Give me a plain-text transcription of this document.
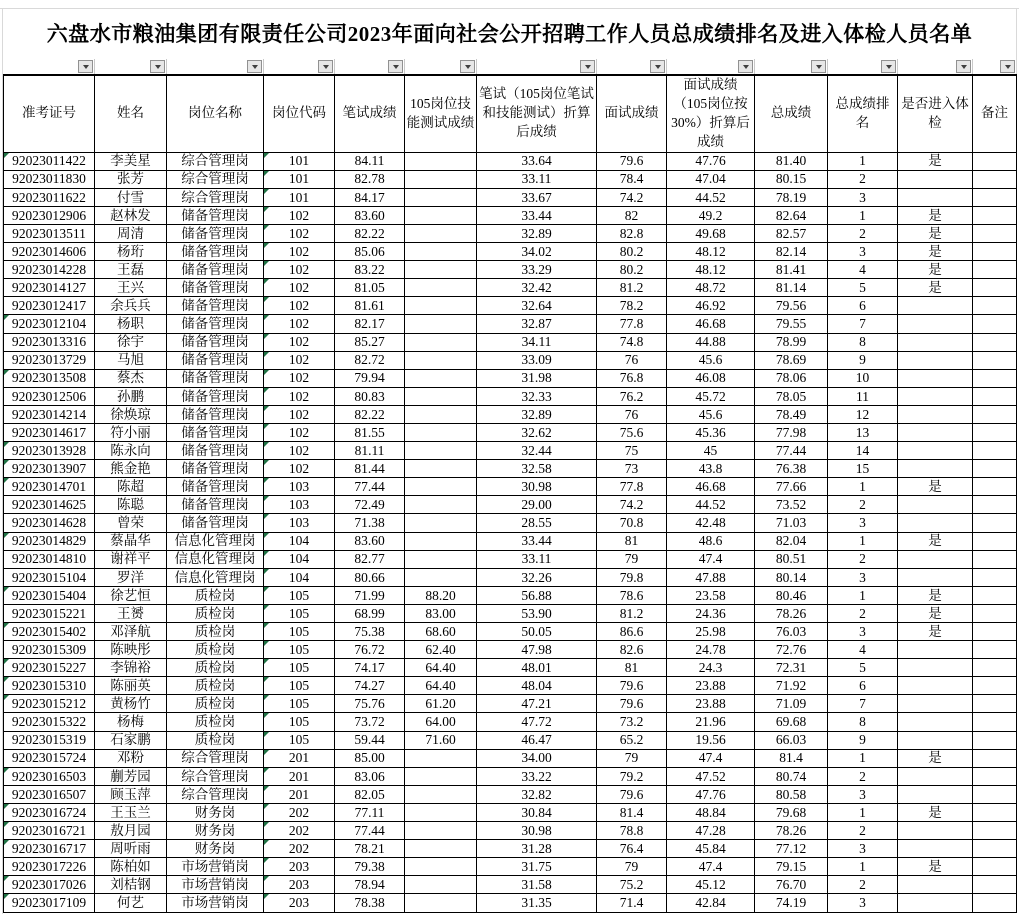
六盘水市粮油集团有限责任公司2023年面向社会公开招聘工作人员总成绩排名及进入体检人员名单
准考证号	姓名	岗位名称	岗位代码	笔试成绩	105岗位技能测试成绩	笔试（105岗位笔试和技能测试）折算后成绩	面试成绩	面试成绩（105岗位按30%）折算后成绩	总成绩	总成绩排名	是否进入体检	备注
92023011422	李美星	综合管理岗	101	84.11		33.64	79.6	47.76	81.40	1	是	
92023011830	张芳	综合管理岗	101	82.78		33.11	78.4	47.04	80.15	2		
92023011622	付雪	综合管理岗	101	84.17		33.67	74.2	44.52	78.19	3		
92023012906	赵林发	储备管理岗	102	83.60		33.44	82	49.2	82.64	1	是	
92023013511	周清	储备管理岗	102	82.22		32.89	82.8	49.68	82.57	2	是	
92023014606	杨珩	储备管理岗	102	85.06		34.02	80.2	48.12	82.14	3	是	
92023014228	王磊	储备管理岗	102	83.22		33.29	80.2	48.12	81.41	4	是	
92023014127	王兴	储备管理岗	102	81.05		32.42	81.2	48.72	81.14	5	是	
92023012417	余兵兵	储备管理岗	102	81.61		32.64	78.2	46.92	79.56	6		
92023012104	杨职	储备管理岗	102	82.17		32.87	77.8	46.68	79.55	7		
92023013316	徐宇	储备管理岗	102	85.27		34.11	74.8	44.88	78.99	8		
92023013729	马旭	储备管理岗	102	82.72		33.09	76	45.6	78.69	9		
92023013508	蔡杰	储备管理岗	102	79.94		31.98	76.8	46.08	78.06	10		
92023012506	孙鹏	储备管理岗	102	80.83		32.33	76.2	45.72	78.05	11		
92023014214	徐焕琼	储备管理岗	102	82.22		32.89	76	45.6	78.49	12		
92023014617	符小丽	储备管理岗	102	81.55		32.62	75.6	45.36	77.98	13		
92023013928	陈永向	储备管理岗	102	81.11		32.44	75	45	77.44	14		
92023013907	熊金艳	储备管理岗	102	81.44		32.58	73	43.8	76.38	15		
92023014701	陈超	储备管理岗	103	77.44		30.98	77.8	46.68	77.66	1	是	
92023014625	陈聪	储备管理岗	103	72.49		29.00	74.2	44.52	73.52	2		
92023014628	曾荣	储备管理岗	103	71.38		28.55	70.8	42.48	71.03	3		
92023014829	蔡晶华	信息化管理岗	104	83.60		33.44	81	48.6	82.04	1	是	
92023014810	谢祥平	信息化管理岗	104	82.77		33.11	79	47.4	80.51	2		
92023015104	罗洋	信息化管理岗	104	80.66		32.26	79.8	47.88	80.14	3		
92023015404	徐艺恒	质检岗	105	71.99	88.20	56.88	78.6	23.58	80.46	1	是	
92023015221	王赟	质检岗	105	68.99	83.00	53.90	81.2	24.36	78.26	2	是	
92023015402	邓泽航	质检岗	105	75.38	68.60	50.05	86.6	25.98	76.03	3	是	
92023015309	陈映彤	质检岗	105	76.72	62.40	47.98	82.6	24.78	72.76	4		
92023015227	李锦裕	质检岗	105	74.17	64.40	48.01	81	24.3	72.31	5		
92023015310	陈丽英	质检岗	105	74.27	64.40	48.04	79.6	23.88	71.92	6		
92023015212	黄杨竹	质检岗	105	75.76	61.20	47.21	79.6	23.88	71.09	7		
92023015322	杨梅	质检岗	105	73.72	64.00	47.72	73.2	21.96	69.68	8		
92023015319	石家鹏	质检岗	105	59.44	71.60	46.47	65.2	19.56	66.03	9		
92023015724	邓粉	综合管理岗	201	85.00		34.00	79	47.4	81.4	1	是	
92023016503	蒯芳园	综合管理岗	201	83.06		33.22	79.2	47.52	80.74	2		
92023016507	顾玉萍	综合管理岗	201	82.05		32.82	79.6	47.76	80.58	3		
92023016724	王玉兰	财务岗	202	77.11		30.84	81.4	48.84	79.68	1	是	
92023016721	敖月园	财务岗	202	77.44		30.98	78.8	47.28	78.26	2		
92023016717	周听雨	财务岗	202	78.21		31.28	76.4	45.84	77.12	3		
92023017226	陈柏如	市场营销岗	203	79.38		31.75	79	47.4	79.15	1	是	
92023017026	刘桔钢	市场营销岗	203	78.94		31.58	75.2	45.12	76.70	2		
92023017109	何艺	市场营销岗	203	78.38		31.35	71.4	42.84	74.19	3		
